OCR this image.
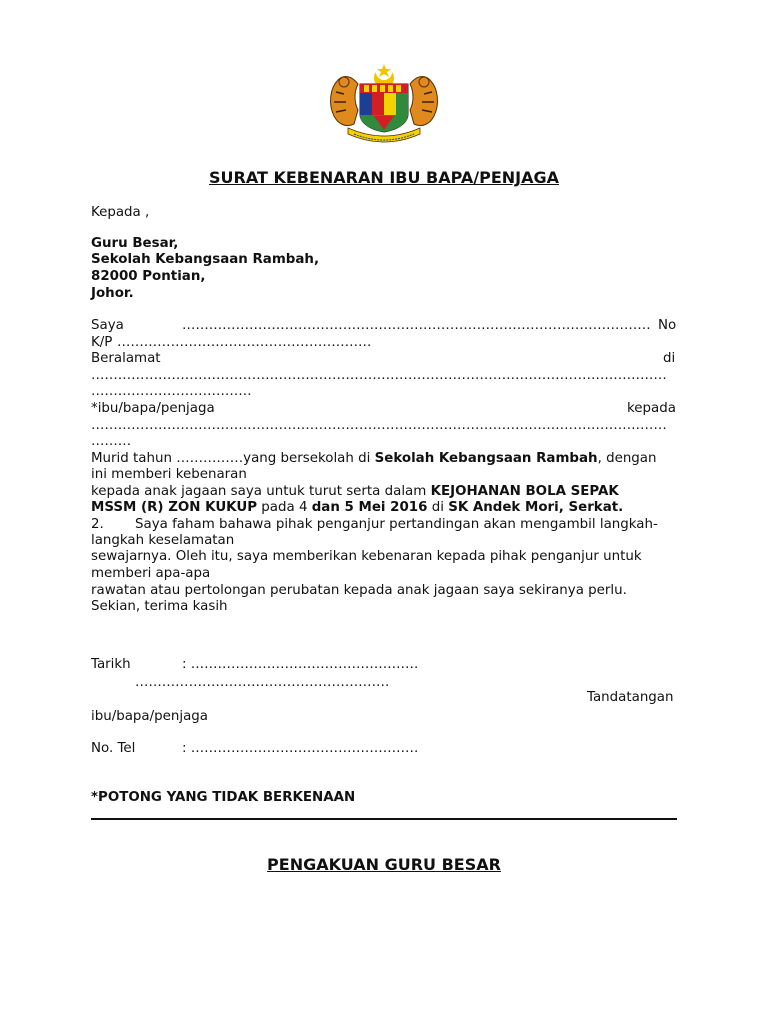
SURAT KEBENARAN IBU BAPA/PENJAGA
Kepada ,
Guru Besar,
Sekolah Kebangsaan Rambah,
82000 Pontian,
Johor.
Saya	…………………………………………………………………………………………… No
K/P …………………………………………………
Beralamat	di
…………………………………………………………………………………………………………………
………………………………
*ibu/bapa/penjaga	kepada
…………………………………………………………………………………………………………………
………
Murid tahun ……………yang bersekolah di Sekolah Kebangsaan Rambah, dengan
ini memberi kebenaran
kepada anak jagaan saya untuk turut serta dalam KEJOHANAN BOLA SEPAK
MSSM (R) ZON KUKUP pada 4 dan 5 Mei 2016 di SK Andek Mori, Serkat.
2. Saya faham bahawa pihak penganjur pertandingan akan mengambil langkah-
langkah keselamatan
sewajarnya. Oleh itu, saya memberikan kebenaran kepada pihak penganjur untuk
memberi apa-apa
rawatan atau pertolongan perubatan kepada anak jagaan saya sekiranya perlu.
Sekian, terima kasih
Tarikh	: ……………………………………………
…………………………………………………
Tandatangan
ibu/bapa/penjaga
No. Tel	: ……………………………………………
*POTONG YANG TIDAK BERKENAAN
PENGAKUAN GURU BESAR
